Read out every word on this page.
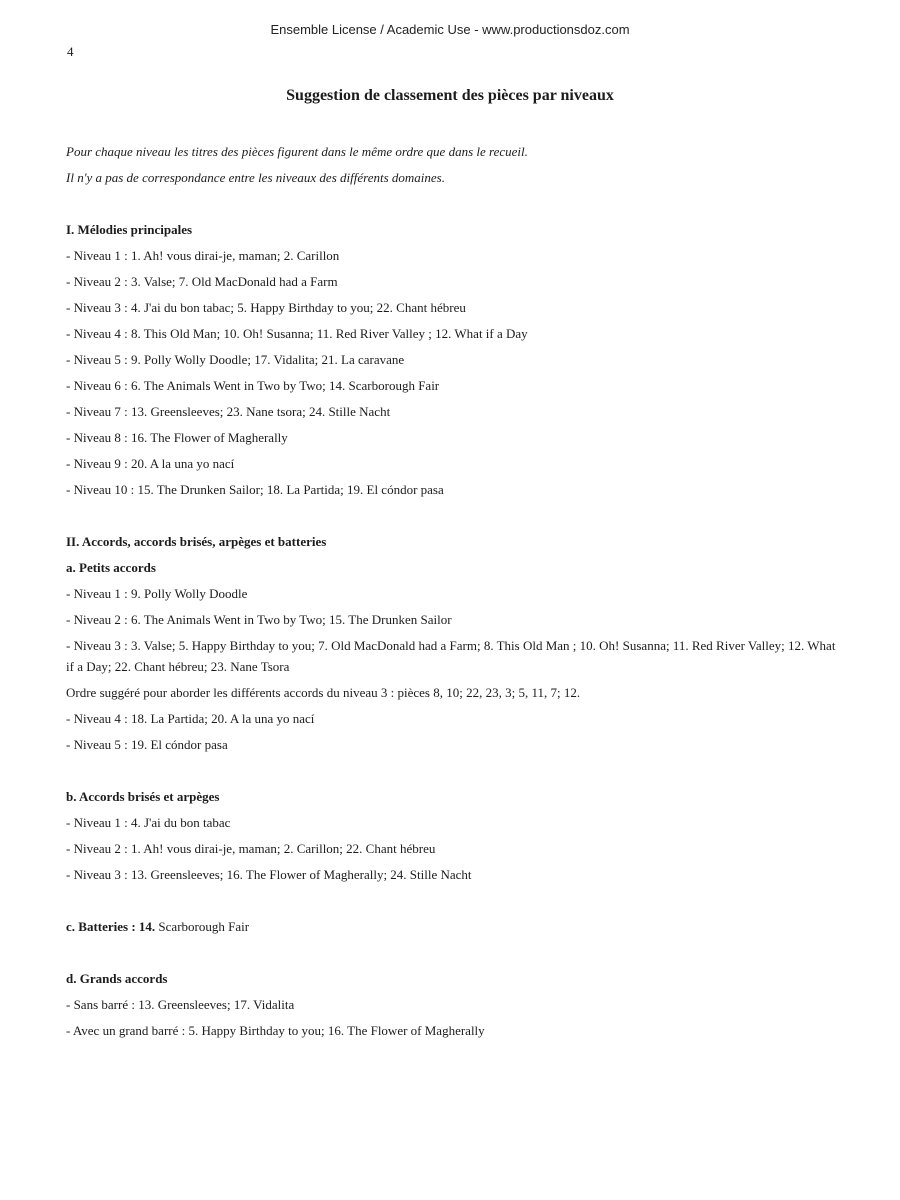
Ensemble License / Academic Use - www.productionsdoz.com
4
Suggestion de classement des pièces par niveaux

Pour chaque niveau les titres des pièces figurent dans le même ordre que dans le recueil.

Il n'y a pas de correspondance entre les niveaux des différents domaines.

I. Mélodies principales

- Niveau 1 : 1. Ah! vous dirai-je, maman; 2. Carillon

- Niveau 2 : 3. Valse; 7. Old MacDonald had a Farm

- Niveau 3 : 4. J'ai du bon tabac; 5. Happy Birthday to you; 22. Chant hébreu

- Niveau 4 : 8. This Old Man; 10. Oh! Susanna; 11. Red River Valley ; 12. What if a Day

- Niveau 5 : 9. Polly Wolly Doodle; 17. Vidalita; 21. La caravane

- Niveau 6 : 6. The Animals Went in Two by Two; 14. Scarborough Fair

- Niveau 7 : 13. Greensleeves; 23. Nane tsora; 24. Stille Nacht

- Niveau 8 : 16. The Flower of Magherally

- Niveau 9 : 20. A la una yo nací

- Niveau 10 : 15. The Drunken Sailor; 18. La Partida; 19. El cóndor pasa

II. Accords, accords brisés, arpèges et batteries

a. Petits accords

- Niveau 1 : 9. Polly Wolly Doodle

- Niveau 2 : 6. The Animals Went in Two by Two; 15. The Drunken Sailor

- Niveau 3 : 3. Valse; 5. Happy Birthday to you; 7. Old MacDonald had a Farm; 8. This Old Man ; 10. Oh! Susanna; 11. Red River Valley; 12. What if a Day; 22. Chant hébreu; 23. Nane Tsora

Ordre suggéré pour aborder les différents accords du niveau 3 : pièces 8, 10; 22, 23, 3; 5, 11, 7; 12.

- Niveau 4 : 18. La Partida; 20. A la una yo nací

- Niveau 5 : 19. El cóndor pasa

b. Accords brisés et arpèges

- Niveau 1 : 4. J'ai du bon tabac

- Niveau 2 : 1. Ah! vous dirai-je, maman; 2. Carillon; 22. Chant hébreu

- Niveau 3 : 13. Greensleeves; 16. The Flower of Magherally; 24. Stille Nacht

c. Batteries : 14. Scarborough Fair

d. Grands accords

- Sans barré : 13. Greensleeves; 17. Vidalita

- Avec un grand barré : 5. Happy Birthday to you; 16. The Flower of Magherally
